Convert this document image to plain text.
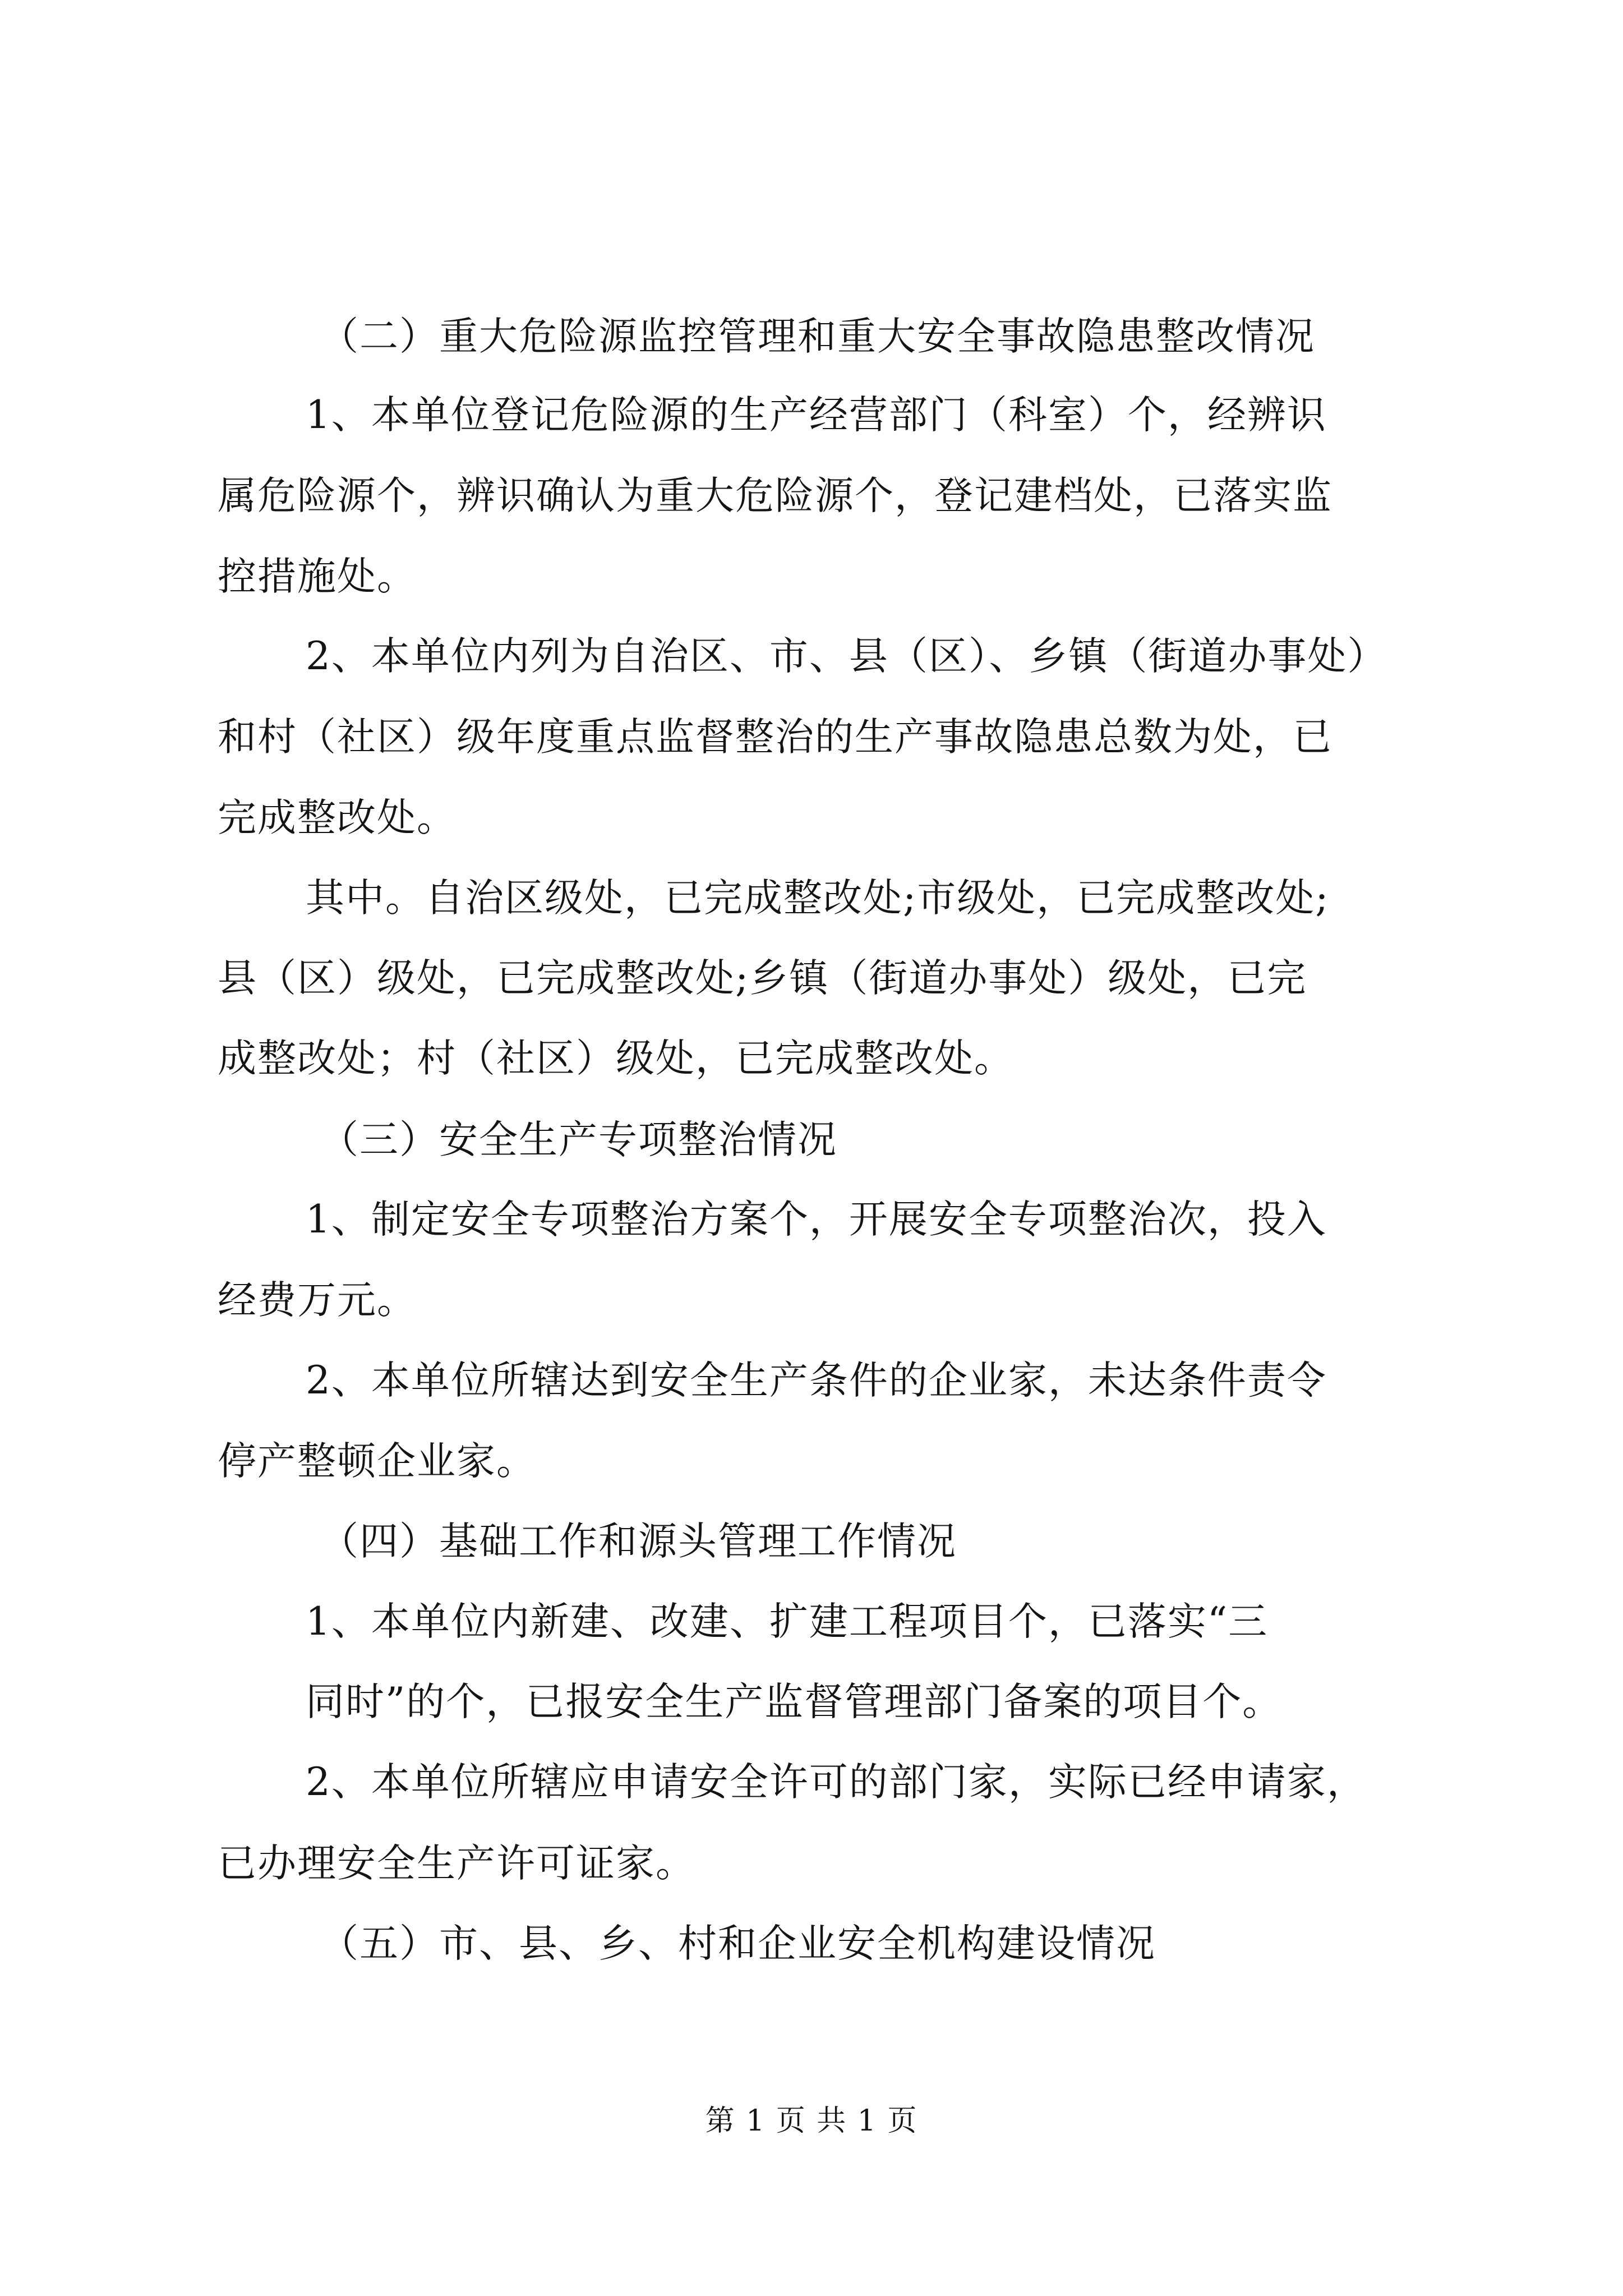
（二）重大危险源监控管理和重大安全事故隐患整改情况

1、本单位登记危险源的生产经营部门（科室）个，经辨识

属危险源个，辨识确认为重大危险源个，登记建档处，已落实监

控措施处。

2、本单位内列为自治区、市、县（区）、乡镇（街道办事处）

和村（社区）级年度重点监督整治的生产事故隐患总数为处，已

完成整改处。

其中。自治区级处，已完成整改处;市级处，已完成整改处;

县（区）级处，已完成整改处;乡镇（街道办事处）级处，已完

成整改处；村（社区）级处，已完成整改处。

（三）安全生产专项整治情况

1、制定安全专项整治方案个，开展安全专项整治次，投入

经费万元。

2、本单位所辖达到安全生产条件的企业家，未达条件责令

停产整顿企业家。

（四）基础工作和源头管理工作情况

1、本单位内新建、改建、扩建工程项目个，已落实“三

同时”的个，已报安全生产监督管理部门备案的项目个。

2、本单位所辖应申请安全许可的部门家，实际已经申请家，

已办理安全生产许可证家。

（五）市、县、乡、村和企业安全机构建设情况

第 1 页 共 1 页
